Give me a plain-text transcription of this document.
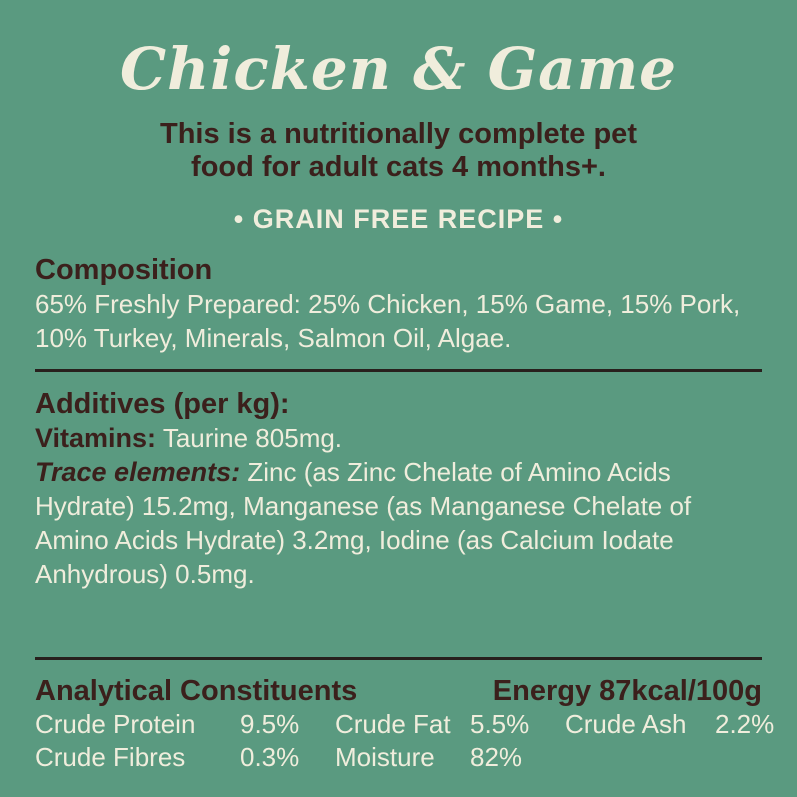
Chicken & Game
This is a nutritionally complete pet
food for adult cats 4 months+.
• GRAIN FREE RECIPE •
Composition
65% Freshly Prepared: 25% Chicken, 15% Game, 15% Pork,
10% Turkey, Minerals, Salmon Oil, Algae.
Additives (per kg):
Vitamins: Taurine 805mg.
Trace elements: Zinc (as Zinc Chelate of Amino Acids
Hydrate) 15.2mg, Manganese (as Manganese Chelate of
Amino Acids Hydrate) 3.2mg, Iodine (as Calcium Iodate
Anhydrous) 0.5mg.
Analytical Constituents	Energy 87kcal/100g
Crude Protein	9.5%	Crude Fat 5.5%	Crude Ash	2.2%
Crude Fibres	0.3%	Moisture	82%
